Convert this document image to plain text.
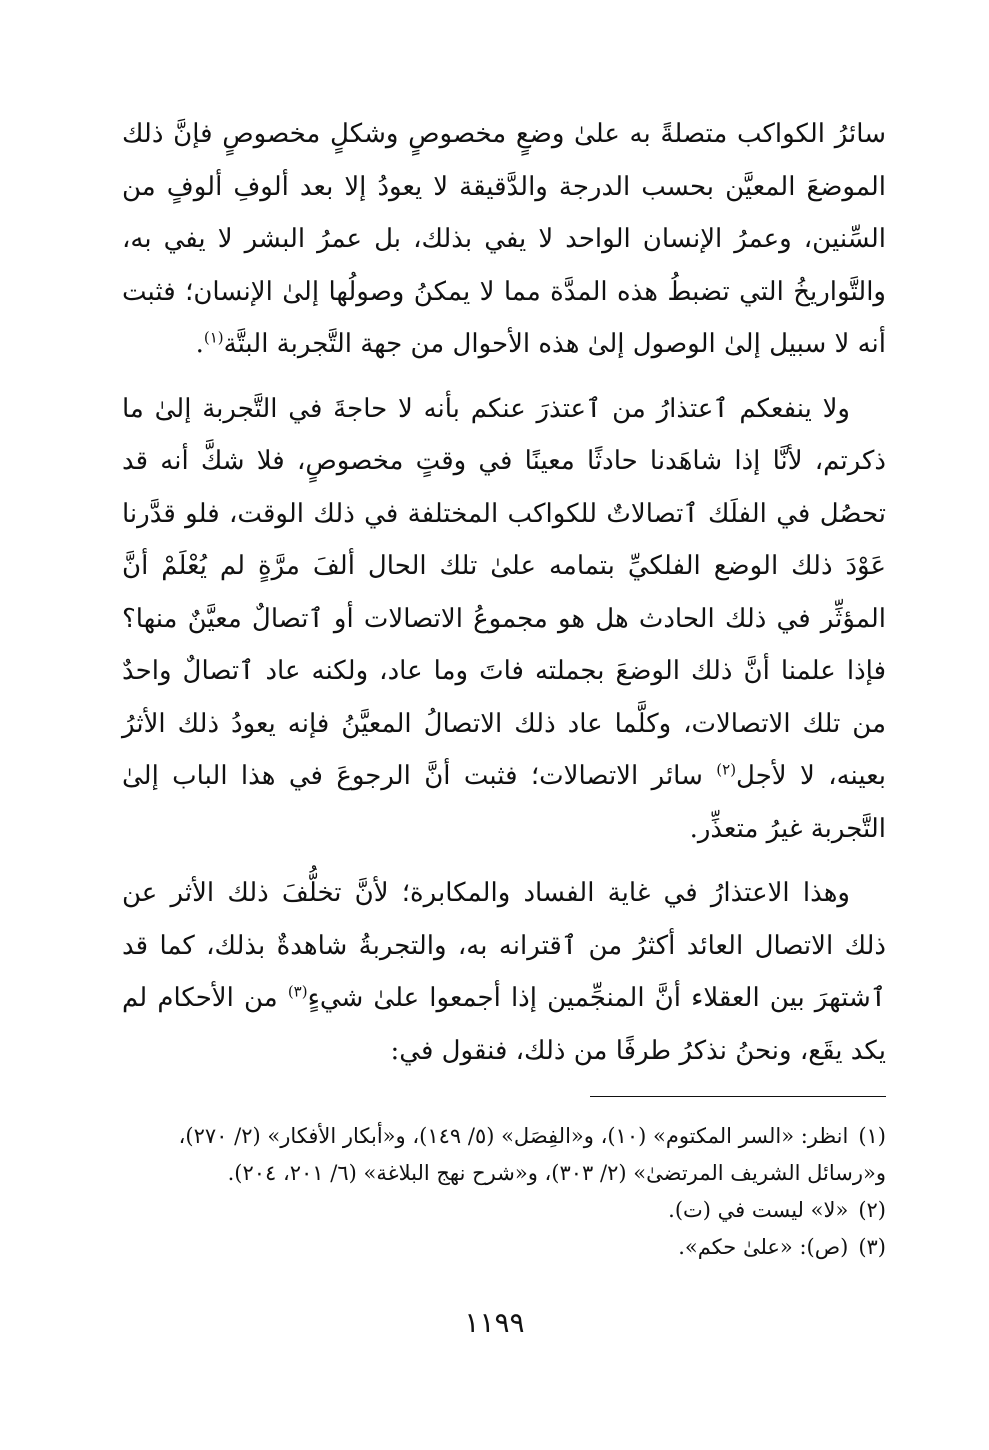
سائرُ الكواكب متصلةً به علىٰ وضعٍ مخصوصٍ وشكلٍ مخصوصٍ فإنَّ ذلك الموضعَ المعيَّن بحسب الدرجة والدَّقيقة لا يعودُ إلا بعد ألوفِ ألوفٍ من السِّنين، وعمرُ الإنسان الواحد لا يفي بذلك، بل عمرُ البشر لا يفي به، والتَّواريخُ التي تضبطُ هذه المدَّة مما لا يمكنُ وصولُها إلىٰ الإنسان؛ فثبت أنه لا سبيل إلىٰ الوصول إلىٰ هذه الأحوال من جهة التَّجربة البتَّة$^{(١)}$.

ولا ينفعكم ٱعتذارُ من ٱعتذرَ عنكم بأنه لا حاجةَ في التَّجربة إلىٰ ما ذكرتم، لأنَّا إذا شاهَدنا حادثًا معينًا في وقتٍ مخصوصٍ، فلا شكَّ أنه قد تحصُل في الفلَك ٱتصالاتٌ للكواكب المختلفة في ذلك الوقت، فلو قدَّرنا عَوْدَ ذلك الوضع الفلكيِّ بتمامه علىٰ تلك الحال ألفَ مرَّةٍ لم يُعْلَمْ أنَّ المؤثِّر في ذلك الحادث هل هو مجموعُ الاتصالات أو ٱتصالٌ معيَّنٌ منها؟ فإذا علمنا أنَّ ذلك الوضعَ بجملته فاتَ وما عاد، ولكنه عاد ٱتصالٌ واحدٌ من تلك الاتصالات، وكلَّما عاد ذلك الاتصالُ المعيَّنُ فإنه يعودُ ذلك الأثرُ بعينه، لا لأجل$^{(٢)}$ سائر الاتصالات؛ فثبت أنَّ الرجوعَ في هذا الباب إلىٰ التَّجربة غيرُ متعذِّر.

وهذا الاعتذارُ في غاية الفساد والمكابرة؛ لأنَّ تخلُّفَ ذلك الأثر عن ذلك الاتصال العائد أكثرُ من ٱقترانه به، والتجربةُ شاهدةٌ بذلك، كما قد ٱشتهرَ بين العقلاء أنَّ المنجِّمين إذا أجمعوا علىٰ شيءٍ$^{(٣)}$ من الأحكام لم يكد يقَع، ونحنُ نذكرُ طرفًا من ذلك، فنقول في:

(١)انظر: «السر المكتوم» (١٠)، و«الفِصَل» (٥/ ١٤٩)، و«أبكار الأفكار» (٢/ ٢٧٠)، و«رسائل الشريف المرتضىٰ» (٢/ ٣٠٣)، و«شرح نهج البلاغة» (٦/ ٢٠١، ٢٠٤).

(٢)«لا» ليست في (ت).

(٣)(ص): «علىٰ حكم».

١١٩٩
